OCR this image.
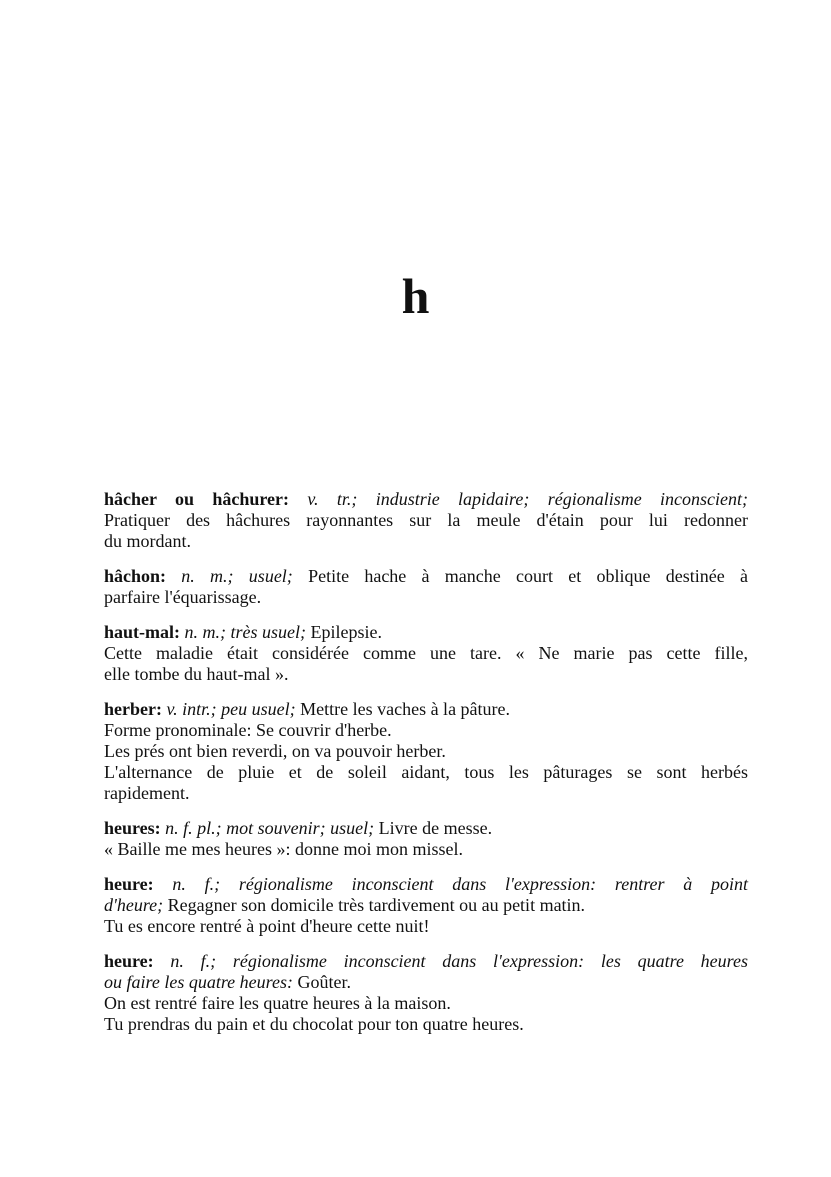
h
hâcher ou hâchurer: v. tr.; industrie lapidaire; régionalisme inconscient;
Pratiquer des hâchures rayonnantes sur la meule d'étain pour lui redonner
du mordant.
hâchon: n. m.; usuel; Petite hache à manche court et oblique destinée à
parfaire l'équarissage.
haut-mal: n. m.; très usuel; Epilepsie.
Cette maladie était considérée comme une tare. « Ne marie pas cette fille,
elle tombe du haut-mal ».
herber: v. intr.; peu usuel; Mettre les vaches à la pâture.
Forme pronominale: Se couvrir d'herbe.
Les prés ont bien reverdi, on va pouvoir herber.
L'alternance de pluie et de soleil aidant, tous les pâturages se sont herbés
rapidement.
heures: n. f. pl.; mot souvenir; usuel; Livre de messe.
« Baille me mes heures »: donne moi mon missel.
heure: n. f.; régionalisme inconscient dans l'expression: rentrer à point
d'heure; Regagner son domicile très tardivement ou au petit matin.
Tu es encore rentré à point d'heure cette nuit!
heure: n. f.; régionalisme inconscient dans l'expression: les quatre heures
ou faire les quatre heures: Goûter.
On est rentré faire les quatre heures à la maison.
Tu prendras du pain et du chocolat pour ton quatre heures.
